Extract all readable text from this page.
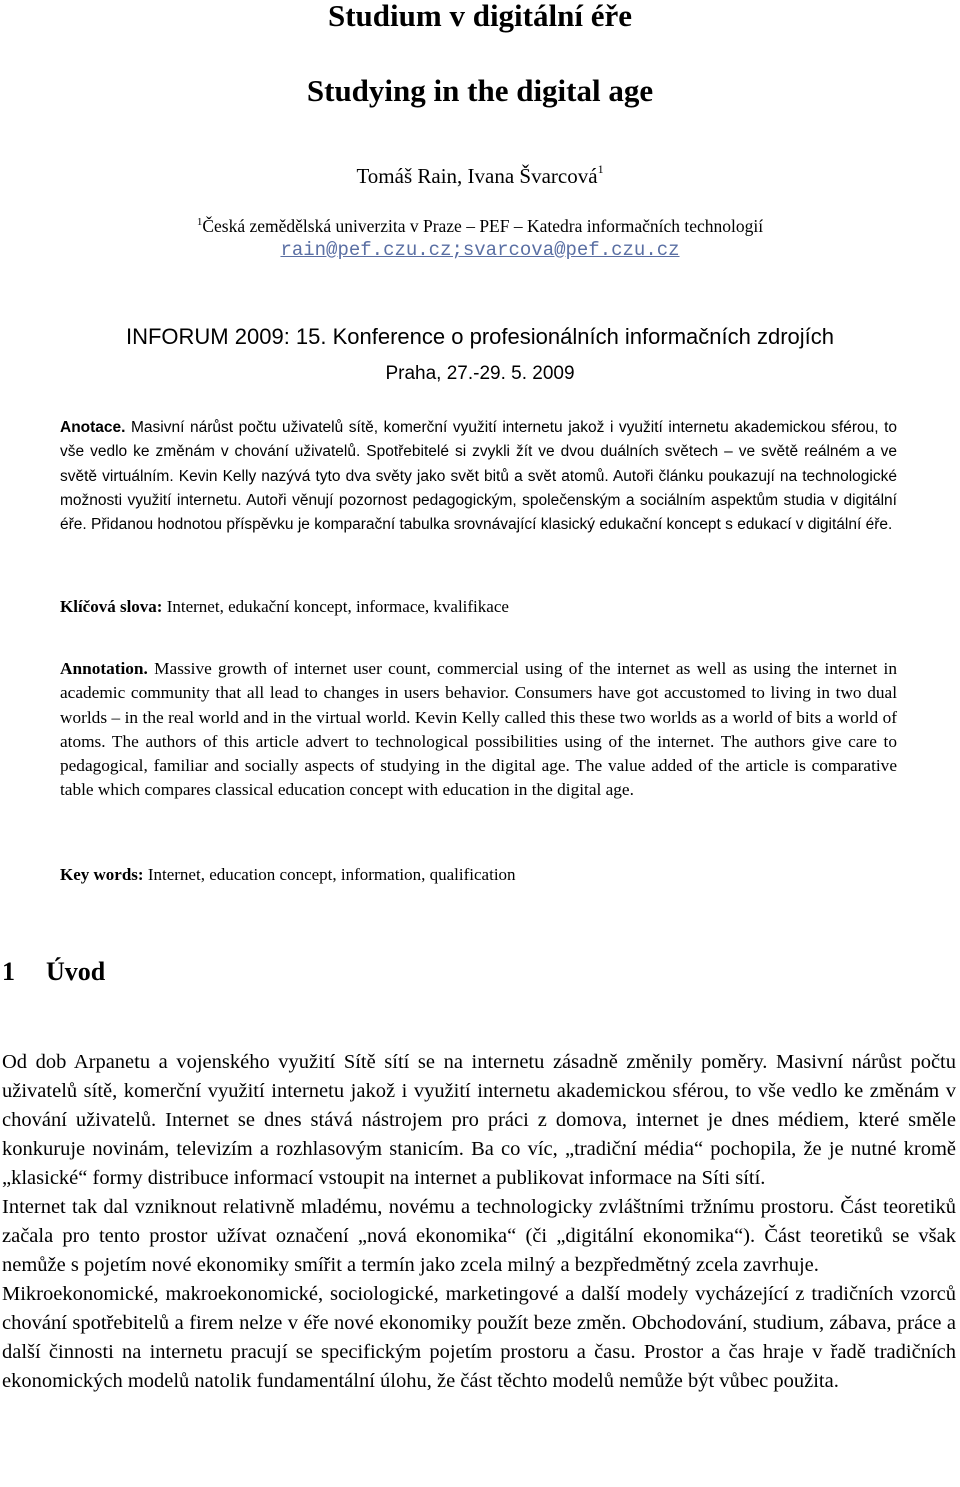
Studium v digitální éře
Studying in the digital age
Tomáš Rain, Ivana Švarcová$^1$
$^1$Česká zemědělská univerzita v Praze – PEF – Katedra informačních technologií
rain@pef.czu.cz;svarcova@pef.czu.cz
INFORUM 2009: 15. Konference o profesionálních informačních zdrojích
Praha, 27.-29. 5. 2009

Anotace. Masivní nárůst počtu uživatelů sítě, komerční využití internetu jakož i využití internetu akademickou sférou, to vše vedlo ke změnám v chování uživatelů. Spotřebitelé si zvykli žít ve dvou duálních světech – ve světě reálném a ve světě virtuálním. Kevin Kelly nazývá tyto dva světy jako svět bitů a svět atomů. Autoři článku poukazují na technologické možnosti využití internetu. Autoři věnují pozornost pedagogickým, společenským a sociálním aspektům studia v digitální éře. Přidanou hodnotou příspěvku je komparační tabulka srovnávající klasický edukační koncept s edukací v digitální éře.

Klíčová slova: Internet, edukační koncept, informace, kvalifikace

Annotation. Massive growth of internet user count, commercial using of the internet as well as using the internet in academic community that all lead to changes in users behavior. Consumers have got accustomed to living in two dual worlds – in the real world and in the virtual world. Kevin Kelly called this these two worlds as a world of bits a world of atoms. The authors of this article advert to technological possibilities using of the internet. The authors give care to pedagogical, familiar and socially aspects of studying in the digital age. The value added of the article is comparative table which compares classical education concept with education in the digital age.

Key words: Internet, education concept, information, qualification

1 Úvod

Od dob Arpanetu a vojenského využití Sítě sítí se na internetu zásadně změnily poměry. Masivní nárůst počtu uživatelů sítě, komerční využití internetu jakož i využití internetu akademickou sférou, to vše vedlo ke změnám v chování uživatelů. Internet se dnes stává nástrojem pro práci z domova, internet je dnes médiem, které směle konkuruje novinám, televizím a rozhlasovým stanicím. Ba co víc, „tradiční média“ pochopila, že je nutné kromě „klasické“ formy distribuce informací vstoupit na internet a publikovat informace na Síti sítí.

Internet tak dal vzniknout relativně mladému, novému a technologicky zvláštními tržnímu prostoru. Část teoretiků začala pro tento prostor užívat označení „nová ekonomika“ (či „digitální ekonomika“). Část teoretiků se však nemůže s pojetím nové ekonomiky smířit a termín jako zcela milný a bezpředmětný zcela zavrhuje.

Mikroekonomické, makroekonomické, sociologické, marketingové a další modely vycházející z tradičních vzorců chování spotřebitelů a firem nelze v éře nové ekonomiky použít beze změn. Obchodování, studium, zábava, práce a další činnosti na internetu pracují se specifickým pojetím prostoru a času. Prostor a čas hraje v řadě tradičních ekonomických modelů natolik fundamentální úlohu, že část těchto modelů nemůže být vůbec použita.
